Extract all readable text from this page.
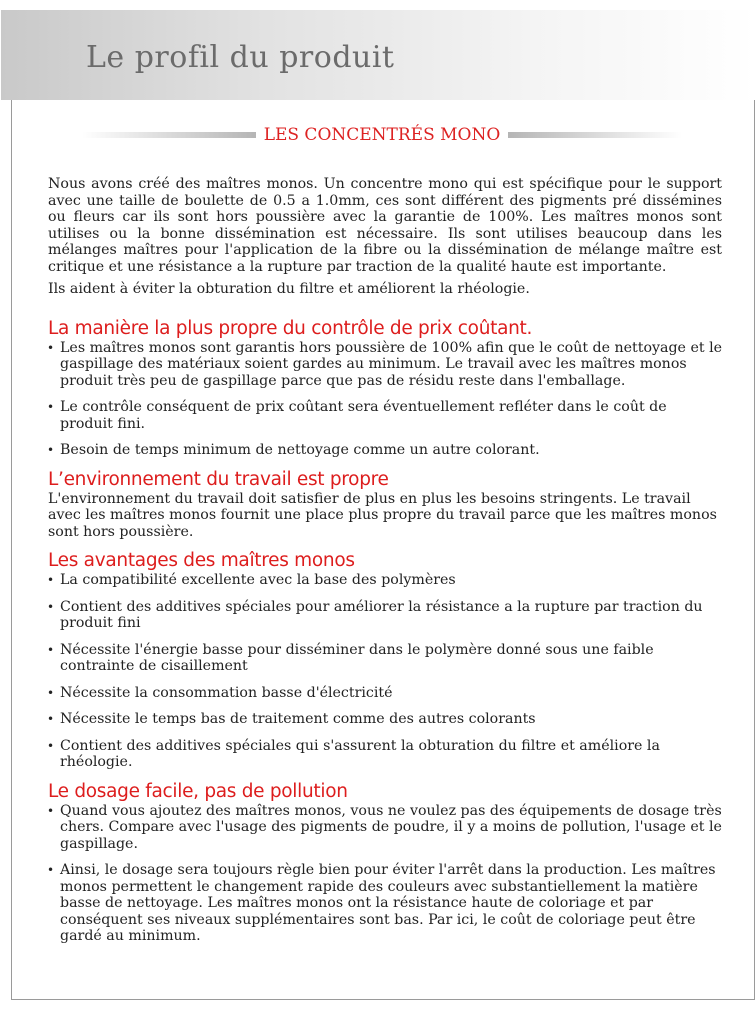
Le profil du produit
LES CONCENTRÉS MONO

Nous avons créé des maîtres monos. Un concentre mono qui est spécifique pour le support avec une taille de boulette de 0.5 a 1.0mm, ces sont différent des pigments pré dissémines ou fleurs car ils sont hors poussière avec la garantie de 100%. Les maîtres monos sont utilises ou la bonne dissémination est nécessaire. Ils sont utilises beaucoup dans les mélanges maîtres pour l'application de la fibre ou la dissémination de mélange maître est critique et une résistance a la rupture par traction de la qualité haute est importante.

Ils aident à éviter la obturation du filtre et améliorent la rhéologie.

La manière la plus propre du contrôle de prix coûtant.
• Les maîtres monos sont garantis hors poussière de 100% afin que le coût de nettoyage et le gaspillage des matériaux soient gardes au minimum. Le travail avec les maîtres monos produit très peu de gaspillage parce que pas de résidu reste dans l'emballage.
• Le contrôle conséquent de prix coûtant sera éventuellement refléter dans le coût de produit fini.
• Besoin de temps minimum de nettoyage comme un autre colorant.
L’environnement du travail est propre

L'environnement du travail doit satisfier de plus en plus les besoins stringents. Le travail avec les maîtres monos fournit une place plus propre du travail parce que les maîtres monos sont hors poussière.

Les avantages des maîtres monos
• La compatibilité excellente avec la base des polymères
• Contient des additives spéciales pour améliorer la résistance a la rupture par traction du produit fini
• Nécessite l'énergie basse pour disséminer dans le polymère donné sous une faible contrainte de cisaillement
• Nécessite la consommation basse d'électricité
• Nécessite le temps bas de traitement comme des autres colorants
• Contient des additives spéciales qui s'assurent la obturation du filtre et améliore la rhéologie.
Le dosage facile, pas de pollution
• Quand vous ajoutez des maîtres monos, vous ne voulez pas des équipements de dosage très chers. Compare avec l'usage des pigments de poudre, il y a moins de pollution, l'usage et le gaspillage.
• Ainsi, le dosage sera toujours règle bien pour éviter l'arrêt dans la production. Les maîtres monos permettent le changement rapide des couleurs avec substantiellement la matière basse de nettoyage. Les maîtres monos ont la résistance haute de coloriage et par conséquent ses niveaux supplémentaires sont bas. Par ici, le coût de coloriage peut être gardé au minimum.
